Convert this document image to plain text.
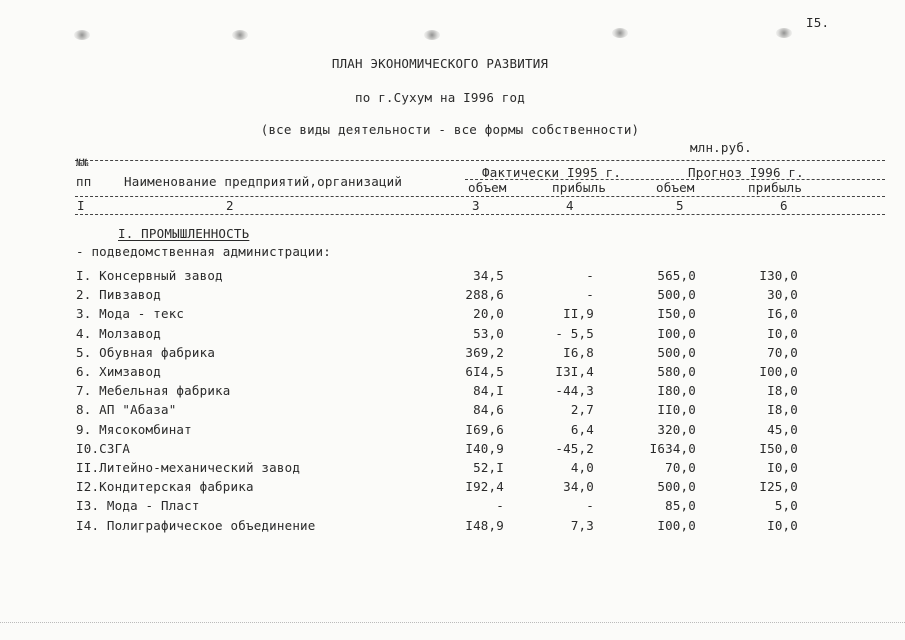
I5.
ПЛАН ЭКОНОМИЧЕСКОГО РАЗВИТИЯ
по г.Сухум на I996 год
(все виды деятельности - все формы собственности)
млн.руб.
№№
пп	Наименование предприятий,организаций
Фактически I995 г.	Прогноз I996 г.
объем	прибыль	объем	прибыль
I	2	3	4	5	6
I. ПРОМЫШЛЕННОСТЬ
- подведомственная администрации:
I. Консервный завод	34,5	-	565,0	I30,0
2. Пивзавод	288,6	-	500,0	30,0
3. Мода - текс	20,0	II,9	I50,0	I6,0
4. Молзавод	53,0	- 5,5	I00,0	I0,0
5. Обувная фабрика	369,2	I6,8	500,0	70,0
6. Химзавод	6I4,5	I3I,4	580,0	I00,0
7. Мебельная фабрика	84,I	-44,3	I80,0	I8,0
8. АП "Абаза"	84,6	2,7	II0,0	I8,0
9. Мясокомбинат	I69,6	6,4	320,0	45,0
I0.СЗГА	I40,9	-45,2	I634,0	I50,0
II.Литейно-механический завод	52,I	4,0	70,0	I0,0
I2.Кондитерская фабрика	I92,4	34,0	500,0	I25,0
I3. Мода - Пласт	-	-	85,0	5,0
I4. Полиграфическое объединение	I48,9	7,3	I00,0	I0,0
